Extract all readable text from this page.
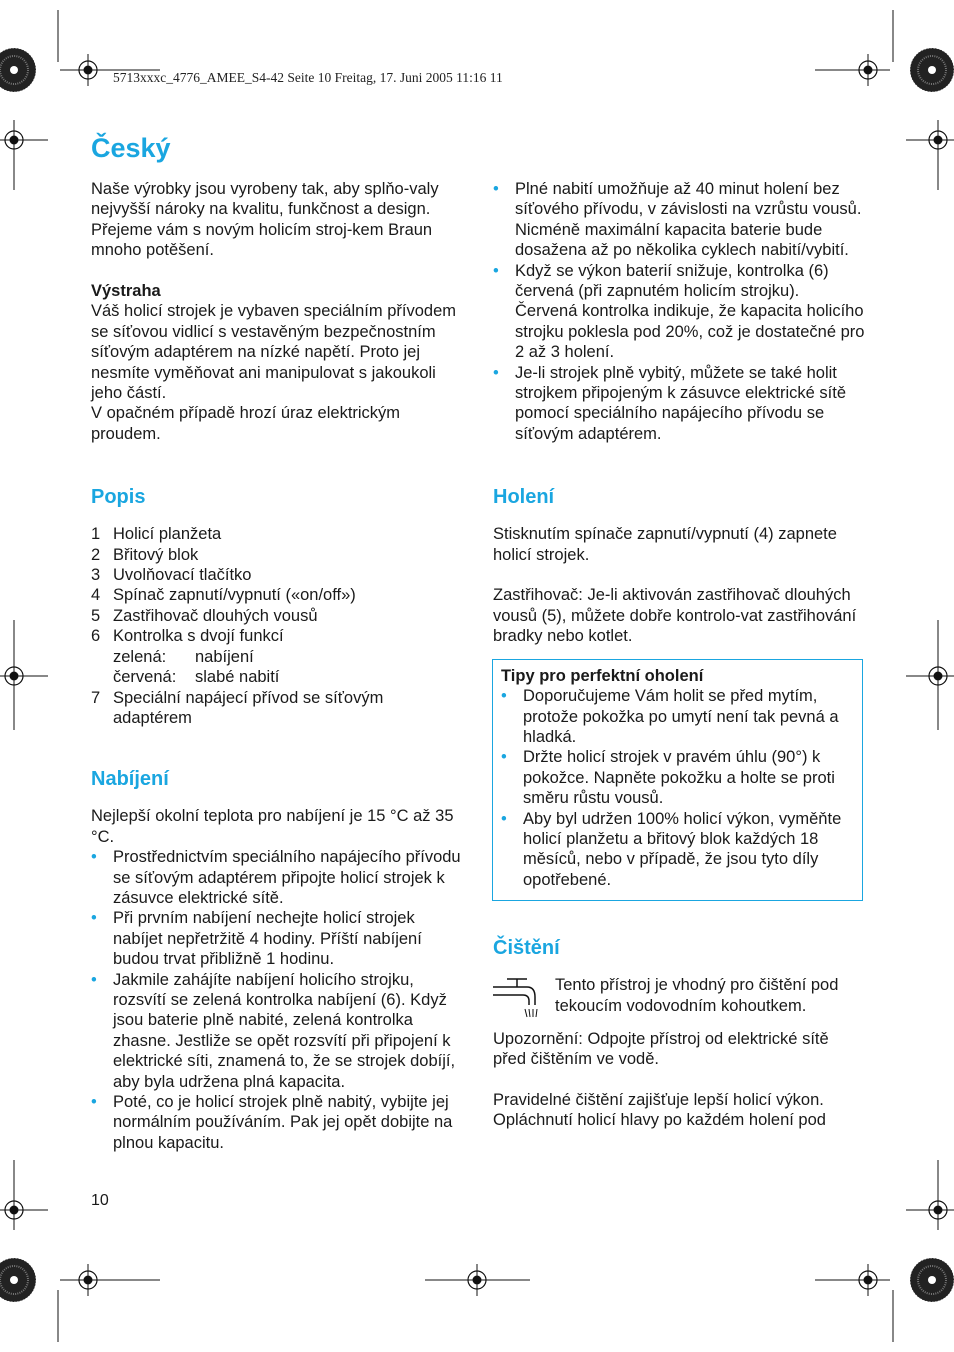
5713xxxc_4776_AMEE_S4-42 Seite 10 Freitag, 17. Juni 2005 11:16 11
Český

Naše výrobky jsou vyrobeny tak, aby splňo-valy nejvyšší nároky na kvalitu, funkčnost a design. Přejeme vám s novým holicím stroj-kem Braun mnoho potěšení.

Výstraha

Váš holicí strojek je vybaven speciálním přívodem se síťovou vidlicí s vestavěným bezpečnostním síťovým adaptérem na nízké napětí. Proto jej nesmíte vyměňovat ani manipulovat s jakoukoli jeho částí.

V opačném případě hrozí úraz elektrickým proudem.

Popis
1 Holicí planžeta
2 Břitový blok
3 Uvolňovací tlačítko
4 Spínač zapnutí/vypnutí («on/off»)
5 Zastřihovač dlouhých vousů
6 Kontrolka s dvojí funkcí
zelená:	nabíjení
červená:	slabé nabití
7 Speciální napájecí přívod se síťovým adaptérem
Nabíjení

Nejlepší okolní teplota pro nabíjení je 15 °C až 35 °C.

• Prostřednictvím speciálního napájecího přívodu se síťovým adaptérem připojte holicí strojek k zásuvce elektrické sítě.
• Při prvním nabíjení nechejte holicí strojek nabíjet nepřetržitě 4 hodiny. Příští nabíjení budou trvat přibližně 1 hodinu.
• Jakmile zahájíte nabíjení holicího strojku, rozsvítí se zelená kontrolka nabíjení (6). Když jsou baterie plně nabité, zelená kontrolka zhasne. Jestliže se opět rozsvítí při připojení k elektrické síti, znamená to, že se strojek dobíjí, aby byla udržena plná kapacita.
• Poté, co je holicí strojek plně nabitý, vybijte jej normálním používáním. Pak jej opět dobijte na plnou kapacitu.
• Plné nabití umožňuje až 40 minut holení bez síťového přívodu, v závislosti na vzrůstu vousů. Nicméně maximální kapacita baterie bude dosažena až po několika cyklech nabití/vybití.
• Když se výkon baterií snižuje, kontrolka (6) červená (při zapnutém holicím strojku). Červená kontrolka indikuje, že kapacita holicího strojku poklesla pod 20%, což je dostatečné pro 2 až 3 holení.
• Je-li strojek plně vybitý, můžete se také holit strojkem připojeným k zásuvce elektrické sítě pomocí speciálního napájecího přívodu se síťovým adaptérem.
Holení

Stisknutím spínače zapnutí/vypnutí (4) zapnete holicí strojek.

Zastřihovač: Je-li aktivován zastřihovač dlouhých vousů (5), můžete dobře kontrolo-vat zastřihování bradky nebo kotlet.

Tipy pro perfektní oholení

• Doporučujeme Vám holit se před mytím, protože pokožka po umytí není tak pevná a hladká.
• Držte holicí strojek v pravém úhlu (90°) k pokožce. Napněte pokožku a holte se proti směru růstu vousů.
• Aby byl udržen 100% holicí výkon, vyměňte holicí planžetu a břitový blok každých 18 měsíců, nebo v případě, že jsou tyto díly opotřebené.
Čištění

Tento přístroj je vhodný pro čištění pod tekoucím vodovodním kohoutkem.

Upozornění: Odpojte přístroj od elektrické sítě před čištěním ve vodě.

Pravidelné čištění zajišťuje lepší holicí výkon. Opláchnutí holicí hlavy po každém holení pod

10
